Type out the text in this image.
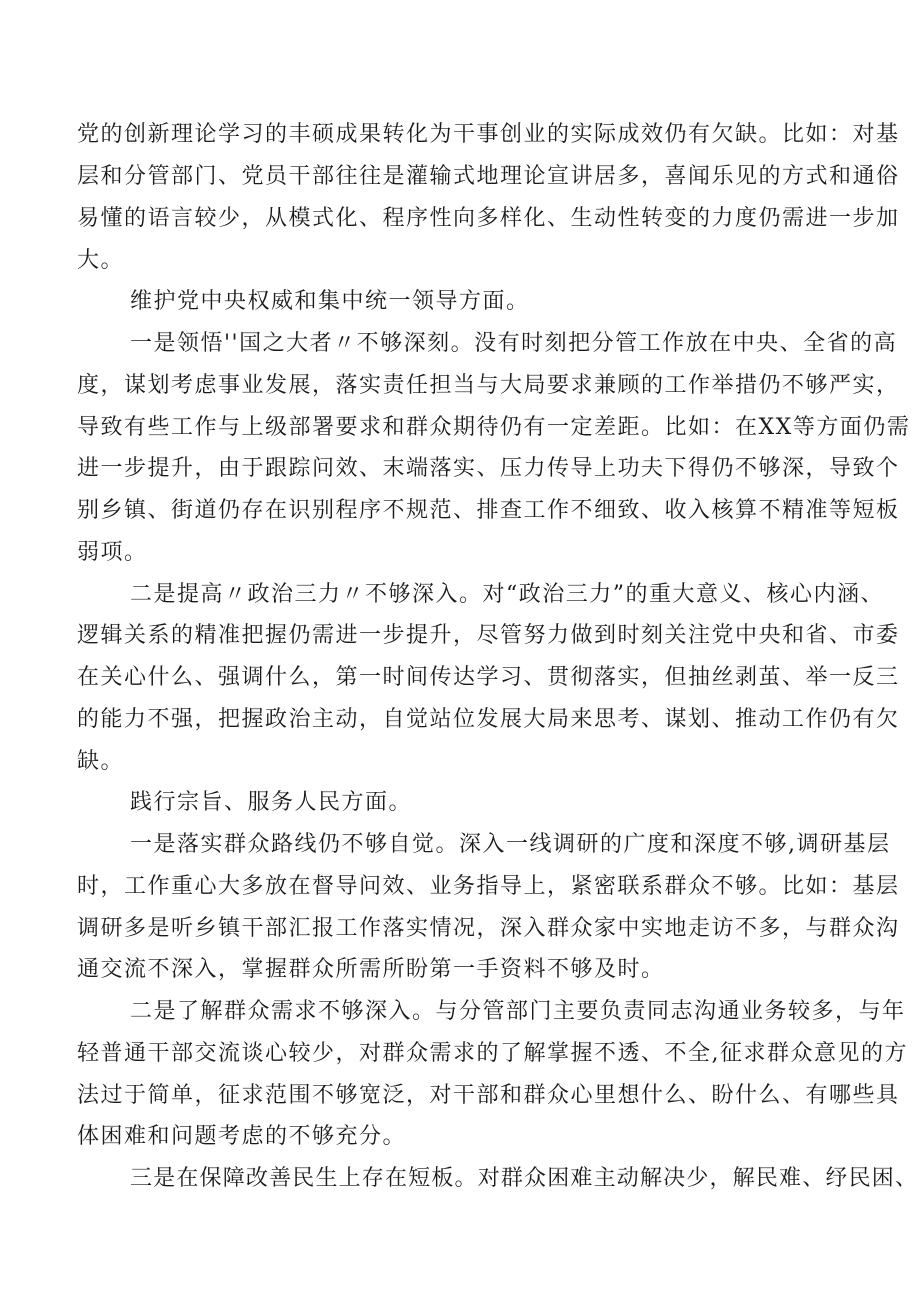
党的创新理论学习的丰硕成果转化为干事创业的实际成效仍有欠缺。比如：对基
层和分管部门、党员干部往往是灌输式地理论宣讲居多，喜闻乐见的方式和通俗
易懂的语言较少，从模式化、程序性向多样化、生动性转变的力度仍需进一步加
大。
维护党中央权威和集中统一领导方面。
一是领悟''国之大者〃不够深刻。没有时刻把分管工作放在中央、全省的高
度，谋划考虑事业发展，落实责任担当与大局要求兼顾的工作举措仍不够严实，
导致有些工作与上级部署要求和群众期待仍有一定差距。比如：在XX等方面仍需
进一步提升，由于跟踪问效、末端落实、压力传导上功夫下得仍不够深，导致个
别乡镇、街道仍存在识别程序不规范、排查工作不细致、收入核算不精准等短板
弱项。
二是提高〃政治三力〃不够深入。对“政治三力”的重大意义、核心内涵、
逻辑关系的精准把握仍需进一步提升，尽管努力做到时刻关注党中央和省、市委
在关心什么、强调什么，第一时间传达学习、贯彻落实，但抽丝剥茧、举一反三
的能力不强，把握政治主动，自觉站位发展大局来思考、谋划、推动工作仍有欠
缺。
践行宗旨、服务人民方面。
一是落实群众路线仍不够自觉。深入一线调研的广度和深度不够,调研基层
时，工作重心大多放在督导问效、业务指导上，紧密联系群众不够。比如：基层
调研多是听乡镇干部汇报工作落实情况，深入群众家中实地走访不多，与群众沟
通交流不深入，掌握群众所需所盼第一手资料不够及时。
二是了解群众需求不够深入。与分管部门主要负责同志沟通业务较多，与年
轻普通干部交流谈心较少，对群众需求的了解掌握不透、不全,征求群众意见的方
法过于简单，征求范围不够宽泛，对干部和群众心里想什么、盼什么、有哪些具
体困难和问题考虑的不够充分。
三是在保障改善民生上存在短板。对群众困难主动解决少，解民难、纾民困、
